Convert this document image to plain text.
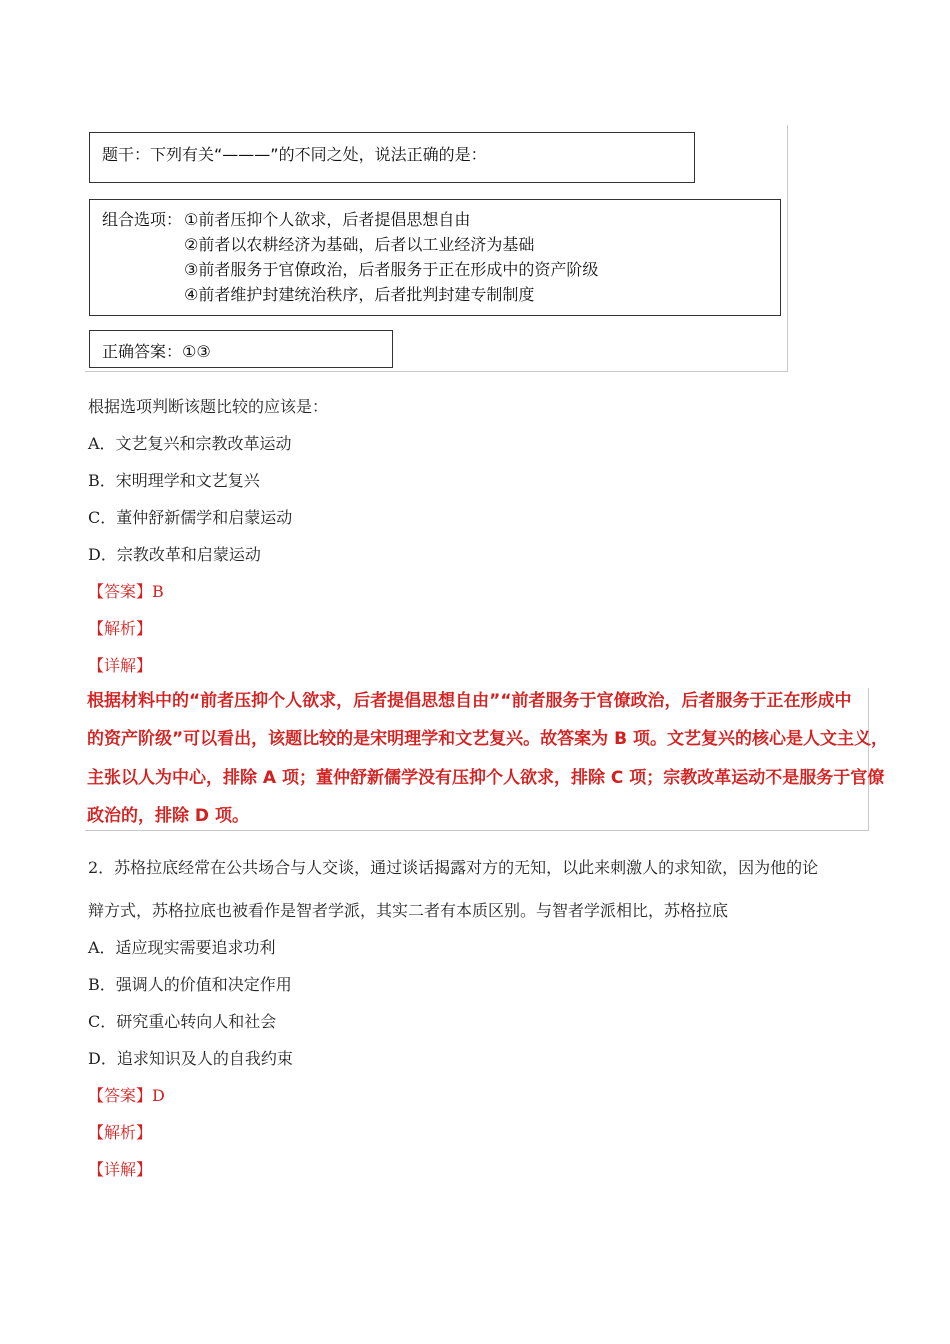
题干：下列有关“———”的不同之处，说法正确的是：
组合选项： ①前者压抑个人欲求，后者提倡思想自由
②前者以农耕经济为基础，后者以工业经济为基础
③前者服务于官僚政治，后者服务于正在形成中的资产阶级
④前者维护封建统治秩序，后者批判封建专制制度
正确答案：①③
根据选项判断该题比较的应该是：
A．文艺复兴和宗教改革运动
B．宋明理学和文艺复兴
C．董仲舒新儒学和启蒙运动
D．宗教改革和启蒙运动
【答案】B
【解析】
【详解】
根据材料中的“前者压抑个人欲求，后者提倡思想自由”“前者服务于官僚政治，后者服务于正在形成中
的资产阶级”可以看出，该题比较的是宋明理学和文艺复兴。故答案为 B 项。文艺复兴的核心是人文主义，
主张以人为中心，排除 A 项；董仲舒新儒学没有压抑个人欲求，排除 C 项；宗教改革运动不是服务于官僚
政治的，排除 D 项。
2．苏格拉底经常在公共场合与人交谈，通过谈话揭露对方的无知，以此来刺激人的求知欲，因为他的论
辩方式，苏格拉底也被看作是智者学派，其实二者有本质区别。与智者学派相比，苏格拉底
A．适应现实需要追求功利
B．强调人的价值和决定作用
C．研究重心转向人和社会
D．追求知识及人的自我约束
【答案】D
【解析】
【详解】
